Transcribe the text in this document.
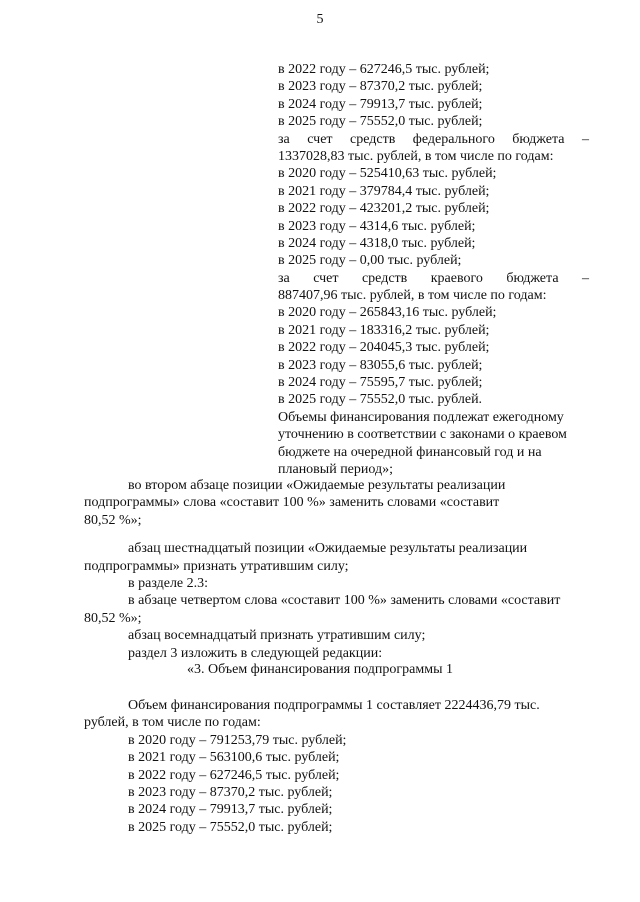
5
в 2022 году – 627246,5 тыс. рублей;
в 2023 году – 87370,2 тыс. рублей;
в 2024 году – 79913,7 тыс. рублей;
в 2025 году – 75552,0 тыс. рублей;
за счет средств федерального бюджета –
1337028,83 тыс. рублей, в том числе по годам:
в 2020 году – 525410,63 тыс. рублей;
в 2021 году – 379784,4 тыс. рублей;
в 2022 году – 423201,2 тыс. рублей;
в 2023 году – 4314,6 тыс. рублей;
в 2024 году – 4318,0 тыс. рублей;
в 2025 году – 0,00 тыс. рублей;
за счет средств краевого бюджета –
887407,96 тыс. рублей, в том числе по годам:
в 2020 году – 265843,16 тыс. рублей;
в 2021 году – 183316,2 тыс. рублей;
в 2022 году – 204045,3 тыс. рублей;
в 2023 году – 83055,6 тыс. рублей;
в 2024 году – 75595,7 тыс. рублей;
в 2025 году – 75552,0 тыс. рублей.
Объемы финансирования подлежат ежегодному
уточнению в соответствии с законами о краевом
бюджете на очередной финансовый год и на
плановый период»;
во втором абзаце позиции «Ожидаемые результаты реализации
подпрограммы» слова «составит 100 %» заменить словами «составит
80,52 %»;
абзац шестнадцатый позиции «Ожидаемые результаты реализации
подпрограммы» признать утратившим силу;
в разделе 2.3:
в абзаце четвертом слова «составит 100 %» заменить словами «составит
80,52 %»;
абзац восемнадцатый признать утратившим силу;
раздел 3 изложить в следующей редакции:
«3. Объем финансирования подпрограммы 1
Объем финансирования подпрограммы 1 составляет 2224436,79 тыс.
рублей, в том числе по годам:
в 2020 году – 791253,79 тыс. рублей;
в 2021 году – 563100,6 тыс. рублей;
в 2022 году – 627246,5 тыс. рублей;
в 2023 году – 87370,2 тыс. рублей;
в 2024 году – 79913,7 тыс. рублей;
в 2025 году – 75552,0 тыс. рублей;
